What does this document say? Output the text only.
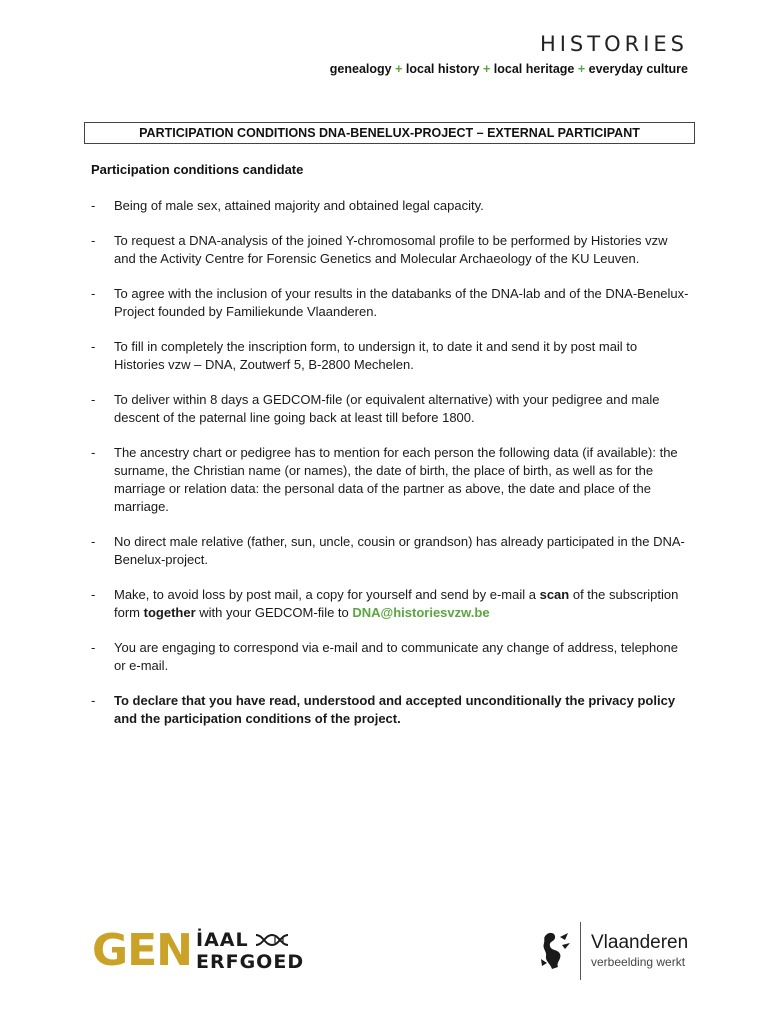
HISTORIES
genealogy + local history + local heritage + everyday culture
PARTICIPATION CONDITIONS DNA-BENELUX-PROJECT – EXTERNAL PARTICIPANT
Participation conditions candidate
-	Being of male sex, attained majority and obtained legal capacity.
-	To request a DNA-analysis of the joined Y-chromosomal profile to be performed by Histories vzw and the Activity Centre for Forensic Genetics and Molecular Archaeology of the KU Leuven.
-	To agree with the inclusion of your results in the databanks of the DNA-lab and of the DNA-Benelux-Project founded by Familiekunde Vlaanderen.
-	To fill in completely the inscription form, to undersign it, to date it and send it by post mail to Histories vzw – DNA, Zoutwerf 5, B-2800 Mechelen.
-	To deliver within 8 days a GEDCOM-file (or equivalent alternative) with your pedigree and male descent of the paternal line going back at least till before 1800.
-	The ancestry chart or pedigree has to mention for each person the following data (if available): the surname, the Christian name (or names), the date of birth, the place of birth, as well as for the marriage or relation data: the personal data of the partner as above, the date and place of the marriage.
-	No direct male relative (father, sun, uncle, cousin or grandson) has already participated in the DNA-Benelux-project.
-	Make, to avoid loss by post mail, a copy for yourself and send by e-mail a scan of the subscription form together with your GEDCOM-file to DNA@historiesvzw.be
-	You are engaging to correspond via e-mail and to communicate any change of address, telephone or e-mail.
-	To declare that you have read, understood and accepted unconditionally the privacy policy and the participation conditions of the project.
GEN İAAL
ERFGOED
Vlaanderen
verbeelding werkt
